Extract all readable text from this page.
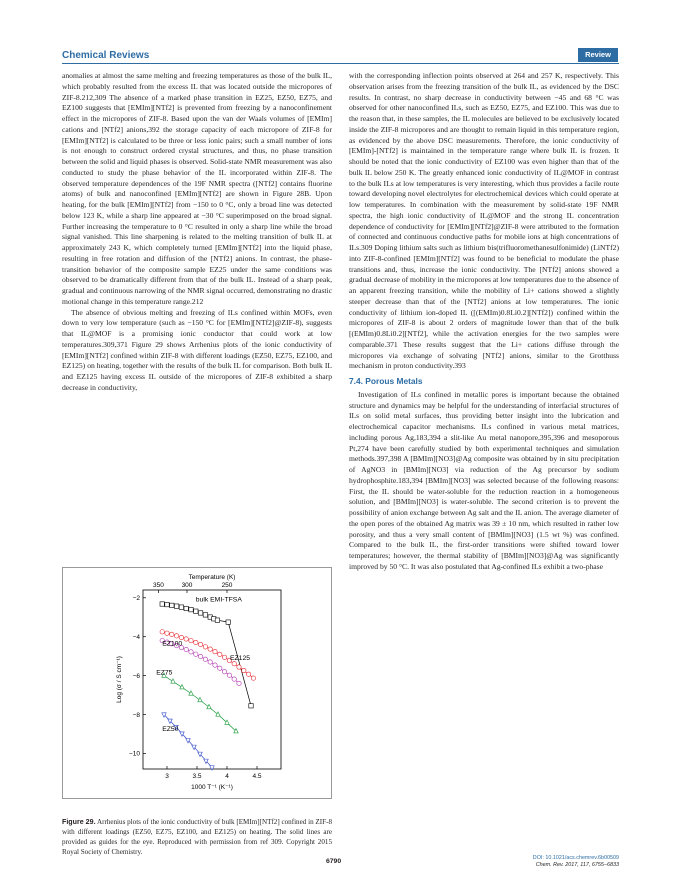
Chemical Reviews	Review

anomalies at almost the same melting and freezing temperatures as those of the bulk IL, which probably resulted from the excess IL that was located outside the micropores of ZIF-8.212,309 The absence of a marked phase transition in EZ25, EZ50, EZ75, and EZ100 suggests that [EMIm][NTf2] is prevented from freezing by a nanoconfinement effect in the micropores of ZIF-8. Based upon the van der Waals volumes of [EMIm] cations and [NTf2] anions,392 the storage capacity of each micropore of ZIF-8 for [EMIm][NTf2] is calculated to be three or less ionic pairs; such a small number of ions is not enough to construct ordered crystal structures, and thus, no phase transition between the solid and liquid phases is observed. Solid-state NMR measurement was also conducted to study the phase behavior of the IL incorporated within ZIF-8. The observed temperature dependences of the 19F NMR spectra ([NTf2] contains fluorine atoms) of bulk and nanoconfined [EMIm][NTf2] are shown in Figure 28B. Upon heating, for the bulk [EMIm][NTf2] from −150 to 0 °C, only a broad line was detected below 123 K, while a sharp line appeared at −30 °C superimposed on the broad signal. Further increasing the temperature to 0 °C resulted in only a sharp line while the broad signal vanished. This line sharpening is related to the melting transition of bulk IL at approximately 243 K, which completely turned [EMIm][NTf2] into the liquid phase, resulting in free rotation and diffusion of the [NTf2] anions. In contrast, the phase-transition behavior of the composite sample EZ25 under the same conditions was observed to be dramatically different from that of the bulk IL. Instead of a sharp peak, gradual and continuous narrowing of the NMR signal occurred, demonstrating no drastic motional change in this temperature range.212

The absence of obvious melting and freezing of ILs confined within MOFs, even down to very low temperature (such as −150 °C for [EMIm][NTf2]@ZIF-8), suggests that IL@MOF is a promising ionic conductor that could work at low temperatures.309,371 Figure 29 shows Arrhenius plots of the ionic conductivity of [EMIm][NTf2] confined within ZIF-8 with different loadings (EZ50, EZ75, EZ100, and EZ125) on heating, together with the results of the bulk IL for comparison. Both bulk IL and EZ125 having excess IL outside of the micropores of ZIF-8 exhibited a sharp decrease in conductivity,

with the corresponding inflection points observed at 264 and 257 K, respectively. This observation arises from the freezing transition of the bulk IL, as evidenced by the DSC results. In contrast, no sharp decrease in conductivity between −45 and 68 °C was observed for other nanoconfined ILs, such as EZ50, EZ75, and EZ100. This was due to the reason that, in these samples, the IL molecules are believed to be exclusively located inside the ZIF-8 micropores and are thought to remain liquid in this temperature region, as evidenced by the above DSC measurements. Therefore, the ionic conductivity of [EMIm]-[NTf2] is maintained in the temperature range where bulk IL is frozen. It should be noted that the ionic conductivity of EZ100 was even higher than that of the bulk IL below 250 K. The greatly enhanced ionic conductivity of IL@MOF in contrast to the bulk ILs at low temperatures is very interesting, which thus provides a facile route toward developing novel electrolytes for electrochemical devices which could operate at low temperatures. In combination with the measurement by solid-state 19F NMR spectra, the high ionic conductivity of IL@MOF and the strong IL concentration dependence of conductivity for [EMIm][NTf2]@ZIF-8 were attributed to the formation of connected and continuous conductive paths for mobile ions at high concentrations of ILs.309 Doping lithium salts such as lithium bis(trifluoromethanesulfonimide) (LiNTf2) into ZIF-8-confined [EMIm][NTf2] was found to be beneficial to modulate the phase transitions and, thus, increase the ionic conductivity. The [NTf2] anions showed a gradual decrease of mobility in the micropores at low temperatures due to the absence of an apparent freezing transition, while the mobility of Li+ cations showed a slightly steeper decrease than that of the [NTf2] anions at low temperatures. The ionic conductivity of lithium ion-doped IL ([(EMIm)0.8Li0.2][NTf2]) confined within the micropores of ZIF-8 is about 2 orders of magnitude lower than that of the bulk [(EMIm)0.8Li0.2][NTf2], while the activation energies for the two samples were comparable.371 These results suggest that the Li+ cations diffuse through the micropores via exchange of solvating [NTf2] anions, similar to the Grotthuss mechanism in proton conductivity.393

7.4. Porous Metals

Investigation of ILs confined in metallic pores is important because the obtained structure and dynamics may be helpful for the understanding of interfacial structures of ILs on solid metal surfaces, thus providing better insight into the lubrication and electrochemical capacitor mechanisms. ILs confined in various metal matrices, including porous Ag,183,394 a slit-like Au metal nanopore,395,396 and mesoporous Pt,274 have been carefully studied by both experimental techniques and simulation methods.397,398 A [BMIm][NO3]@Ag composite was obtained by in situ precipitation of AgNO3 in [BMIm][NO3] via reduction of the Ag precursor by sodium hydrophosphite.183,394 [BMIm][NO3] was selected because of the following reasons: First, the IL should be water-soluble for the reduction reaction in a homogeneous solution, and [BMIm][NO3] is water-soluble. The second criterion is to prevent the possibility of anion exchange between Ag salt and the IL anion. The average diameter of the open pores of the obtained Ag matrix was 39 ± 10 nm, which resulted in rather low porosity, and thus a very small content of [BMIm][NO3] (1.5 wt %) was confined. Compared to the bulk IL, the first-order transitions were shifted toward lower temperatures; however, the thermal stability of [BMIm][NO3]@Ag was significantly improved by 50 °C. It was also postulated that Ag-confined ILs exhibit a two-phase

3	3.5	4	4.5
−2
−4
−6
−8
−10
350	300	250
Temperature (K)
1000 T⁻¹ (K⁻¹)
Log (σ / S cm⁻¹)
bulk EMI-TFSA
EZ100
EZ125
EZ75
EZ50
Figure 29. Arrhenius plots of the ionic conductivity of bulk [EMIm][NTf2] confined in ZIF-8 with different loadings (EZ50, EZ75, EZ100, and EZ125) on heating. The solid lines are provided as guides for the eye. Reproduced with permission from ref 309. Copyright 2015 Royal Society of Chemistry.
6790	DOI: 10.1021/acs.chemrev.6b00509
Chem. Rev. 2017, 117, 6755−6833
